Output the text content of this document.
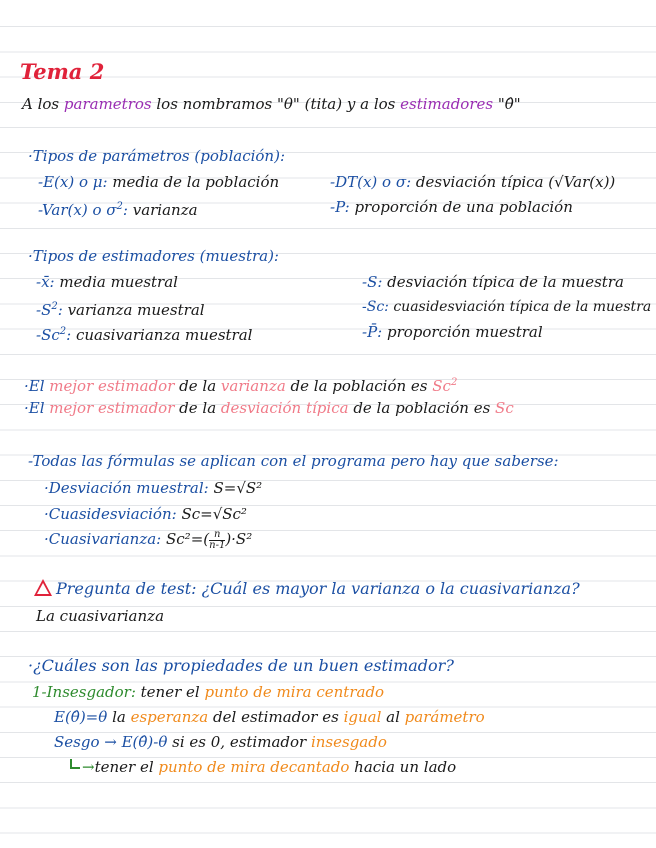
Tema 2
A los parametros los nombramos "θ" (tita) y a los estimadores "θ̂"
·Tipos de parámetros (población):
-E(x) o μ: media de la población
-Var(x) o $\sigma^2$: varianza
-DT(x) o σ: desviación típica (√Var(x))
-P: proporción de una población
·Tipos de estimadores (muestra):
-x̄: media muestral
$-S^2$: varianza muestral
-Sc$^2$: cuasivarianza muestral
-S: desviación típica de la muestra
-Sc: cuasidesviación típica de la muestra
-P̄: proporción muestral
·El mejor estimador de la varianza de la población es $Sc^2$
·El mejor estimador de la desviación típica de la población es Sc
-Todas las fórmulas se aplican con el programa pero hay que saberse:
·Desviación muestral: S=√S²
·Cuasidesviación: Sc=√Sc²
·Cuasivarianza: $Sc^2=( \frac{n}{n-1} )\cdot S^2$
Pregunta de test: ¿Cuál es mayor la varianza o la cuasivarianza?
La cuasivarianza
·¿Cuáles son las propiedades de un buen estimador?
1-Insesgador: tener el punto de mira centrado
E(θ̂)=θ la esperanza del estimador es igual al parámetro
Sesgo → E(θ̂)-θ si es 0, estimador insesgado
→tener el punto de mira decantado hacia un lado
